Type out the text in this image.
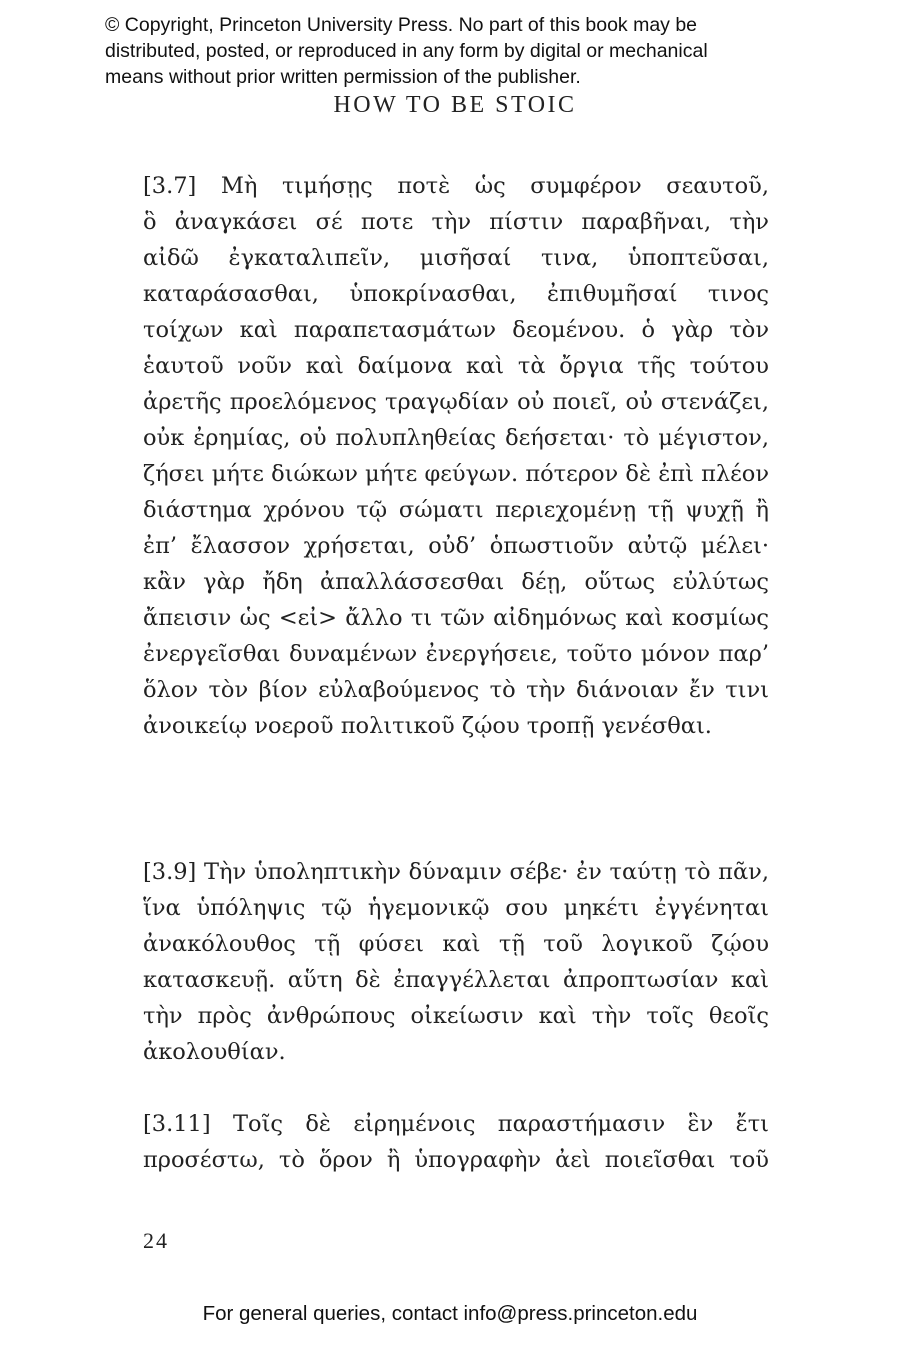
© Copyright, Princeton University Press. No part of this book may be
distributed, posted, or reproduced in any form by digital or mechanical
means without prior written permission of the publisher.
HOW TO BE STOIC
[3.7] Μὴ τιμήσῃς ποτὲ ὡς συμφέρον σεαυτοῦ,
ὃ ἀναγκάσει σέ ποτε τὴν πίστιν παραβῆναι, τὴν
αἰδῶ ἐγκαταλιπεῖν, μισῆσαί τινα, ὑποπτεῦσαι,
καταράσασθαι, ὑποκρίνασθαι, ἐπιθυμῆσαί τινος
τοίχων καὶ παραπετασμάτων δεομένου. ὁ γὰρ τὸν
ἑαυτοῦ νοῦν καὶ δαίμονα καὶ τὰ ὄργια τῆς τούτου
ἀρετῆς προελόμενος τραγῳδίαν οὐ ποιεῖ, οὐ στενάζει,
οὐκ ἐρημίας, οὐ πολυπληθείας δεήσεται· τὸ μέγιστον,
ζήσει μήτε διώκων μήτε φεύγων. πότερον δὲ ἐπὶ πλέον
διάστημα χρόνου τῷ σώματι περιεχομένῃ τῇ ψυχῇ ἢ
ἐπ’ ἔλασσον χρήσεται, οὐδ’ ὁπωστιοῦν αὐτῷ μέλει·
κἂν γὰρ ἤδη ἀπαλλάσσεσθαι δέῃ, οὕτως εὐλύτως
ἄπεισιν ὡς <εἰ> ἄλλο τι τῶν αἰδημόνως καὶ κοσμίως
ἐνεργεῖσθαι δυναμένων ἐνεργήσειε, τοῦτο μόνον παρ’
ὅλον τὸν βίον εὐλαβούμενος τὸ τὴν διάνοιαν ἔν τινι
ἀνοικείῳ νοεροῦ πολιτικοῦ ζῴου τροπῇ γενέσθαι.
[3.9] Τὴν ὑποληπτικὴν δύναμιν σέβε· ἐν ταύτῃ τὸ πᾶν,
ἵνα ὑπόληψις τῷ ἡγεμονικῷ σου μηκέτι ἐγγένηται
ἀνακόλουθος τῇ φύσει καὶ τῇ τοῦ λογικοῦ ζῴου
κατασκευῇ. αὕτη δὲ ἐπαγγέλλεται ἀπροπτωσίαν καὶ
τὴν πρὸς ἀνθρώπους οἰκείωσιν καὶ τὴν τοῖς θεοῖς
ἀκολουθίαν.
[3.11] Τοῖς δὲ εἰρημένοις παραστήμασιν ἓν ἔτι
προσέστω, τὸ ὅρον ἢ ὑπογραφὴν ἀεὶ ποιεῖσθαι τοῦ
24
For general queries, contact info@press.princeton.edu
